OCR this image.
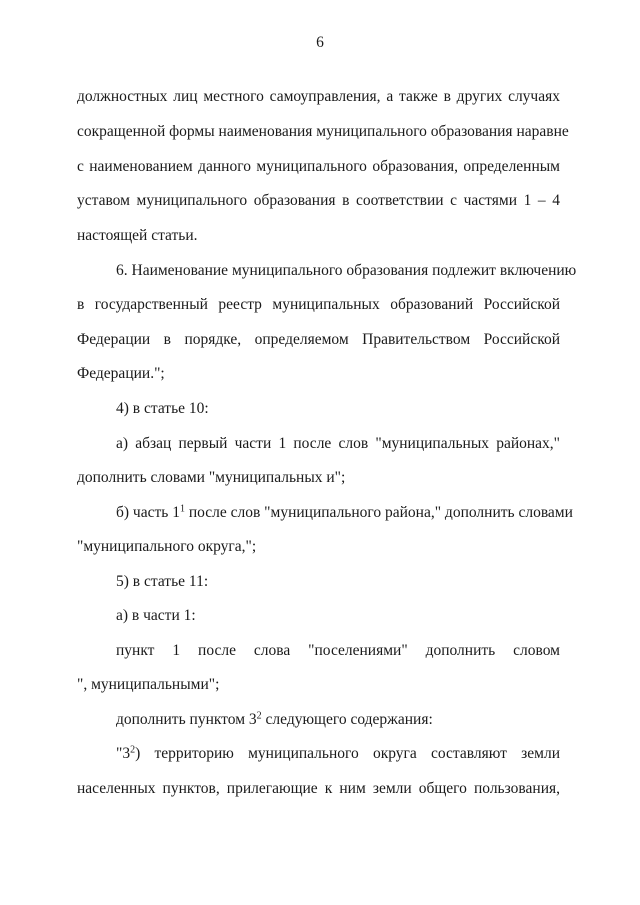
6
должностных лиц местного самоуправления, а также в других случаях
сокращенной формы наименования муниципального образования наравне
с наименованием данного муниципального образования, определенным
уставом муниципального образования в соответствии с частями 1 – 4
настоящей статьи.
6. Наименование муниципального образования подлежит включению
в государственный реестр муниципальных образований Российской
Федерации в порядке, определяемом Правительством Российской
Федерации.";
4) в статье 10:
а) абзац первый части 1 после слов "муниципальных районах,"
дополнить словами "муниципальных и";
б) часть $1^1$ после слов "муниципального района," дополнить словами
"муниципального округа,";
5) в статье 11:
а) в части 1:
пункт 1 после слова "поселениями" дополнить словом
", муниципальными";
дополнить пунктом $3^2$ следующего содержания:
"$3^2$) территорию муниципального округа составляют земли
населенных пунктов, прилегающие к ним земли общего пользования,
